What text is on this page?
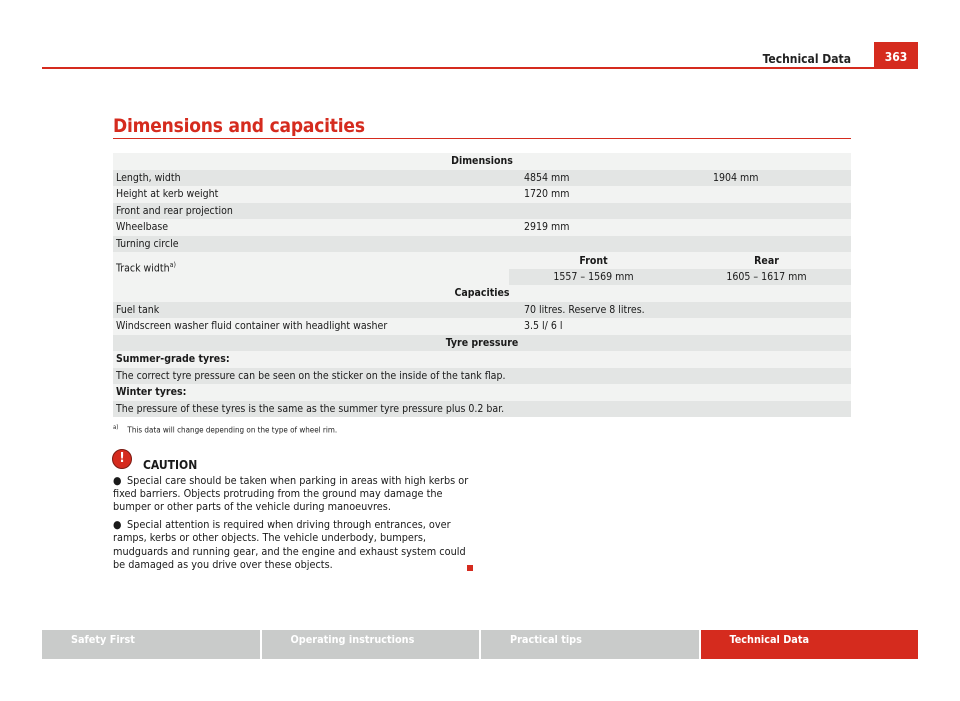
Technical Data	363
Dimensions and capacities
Dimensions
Length, width	4854 mm	1904 mm
Height at kerb weight	1720 mm
Front and rear projection
Wheelbase	2919 mm
Turning circle
Track width$^{a)}$	Front	Rear
1557 – 1569 mm	1605 – 1617 mm
Capacities
Fuel tank	70 litres. Reserve 8 litres.
Windscreen washer fluid container with headlight washer	3.5 l/ 6 l
Tyre pressure
Summer-grade tyres:
The correct tyre pressure can be seen on the sticker on the inside of the tank flap.
Winter tyres:
The pressure of these tyres is the same as the summer tyre pressure plus 0.2 bar.
$^{a)}$ This data will change depending on the type of wheel rim.
!	CAUTION

● Special care should be taken when parking in areas with high kerbs or fixed barriers. Objects protruding from the ground may damage the bumper or other parts of the vehicle during manoeuvres.

● Special attention is required when driving through entrances, over ramps, kerbs or other objects. The vehicle underbody, bumpers, mudguards and running gear, and the engine and exhaust system could be damaged as you drive over these objects.

Safety First	Operating instructions	Practical tips	Technical Data
